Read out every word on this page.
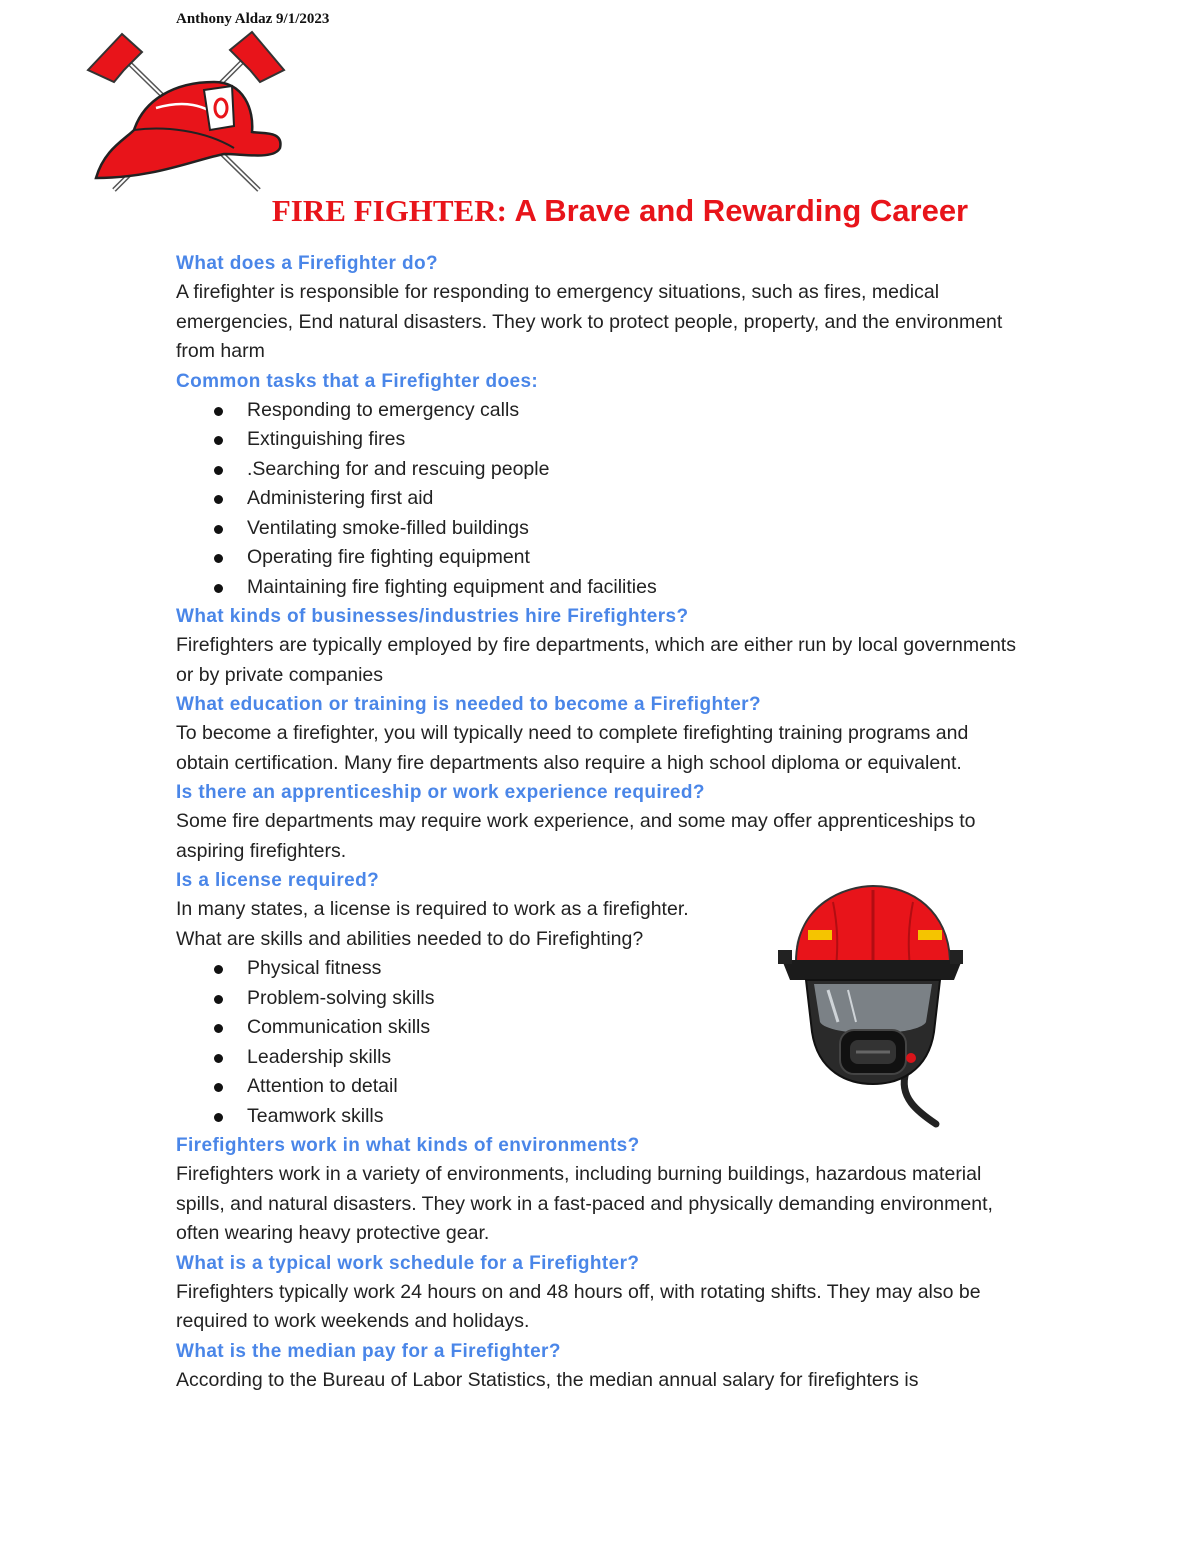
Anthony Aldaz 9/1/2023
FIRE FIGHTER: A Brave and Rewarding Career

What does a Firefighter do?

A firefighter is responsible for responding to emergency situations, such as fires, medical emergencies, End natural disasters. They work to protect people, property, and the environment from harm

Common tasks that a Firefighter does:

Responding to emergency calls
Extinguishing fires
.Searching for and rescuing people
Administering first aid
Ventilating smoke-filled buildings
Operating fire fighting equipment
Maintaining fire fighting equipment and facilities

What kinds of businesses/industries hire Firefighters?

Firefighters are typically employed by fire departments, which are either run by local governments or by private companies

What education or training is needed to become a Firefighter?

To become a firefighter, you will typically need to complete firefighting training programs and obtain certification. Many fire departments also require a high school diploma or equivalent.

Is there an apprenticeship or work experience required?

Some fire departments may require work experience, and some may offer apprenticeships to aspiring firefighters.

Is a license required?

In many states, a license is required to work as a firefighter.

What are skills and abilities needed to do Firefighting?

Physical fitness
Problem-solving skills
Communication skills
Leadership skills
Attention to detail
Teamwork skills

Firefighters work in what kinds of environments?

Firefighters work in a variety of environments, including burning buildings, hazardous material spills, and natural disasters. They work in a fast-paced and physically demanding environment, often wearing heavy protective gear.

What is a typical work schedule for a Firefighter?

Firefighters typically work 24 hours on and 48 hours off, with rotating shifts. They may also be required to work weekends and holidays.

What is the median pay for a Firefighter?

According to the Bureau of Labor Statistics, the median annual salary for firefighters is
